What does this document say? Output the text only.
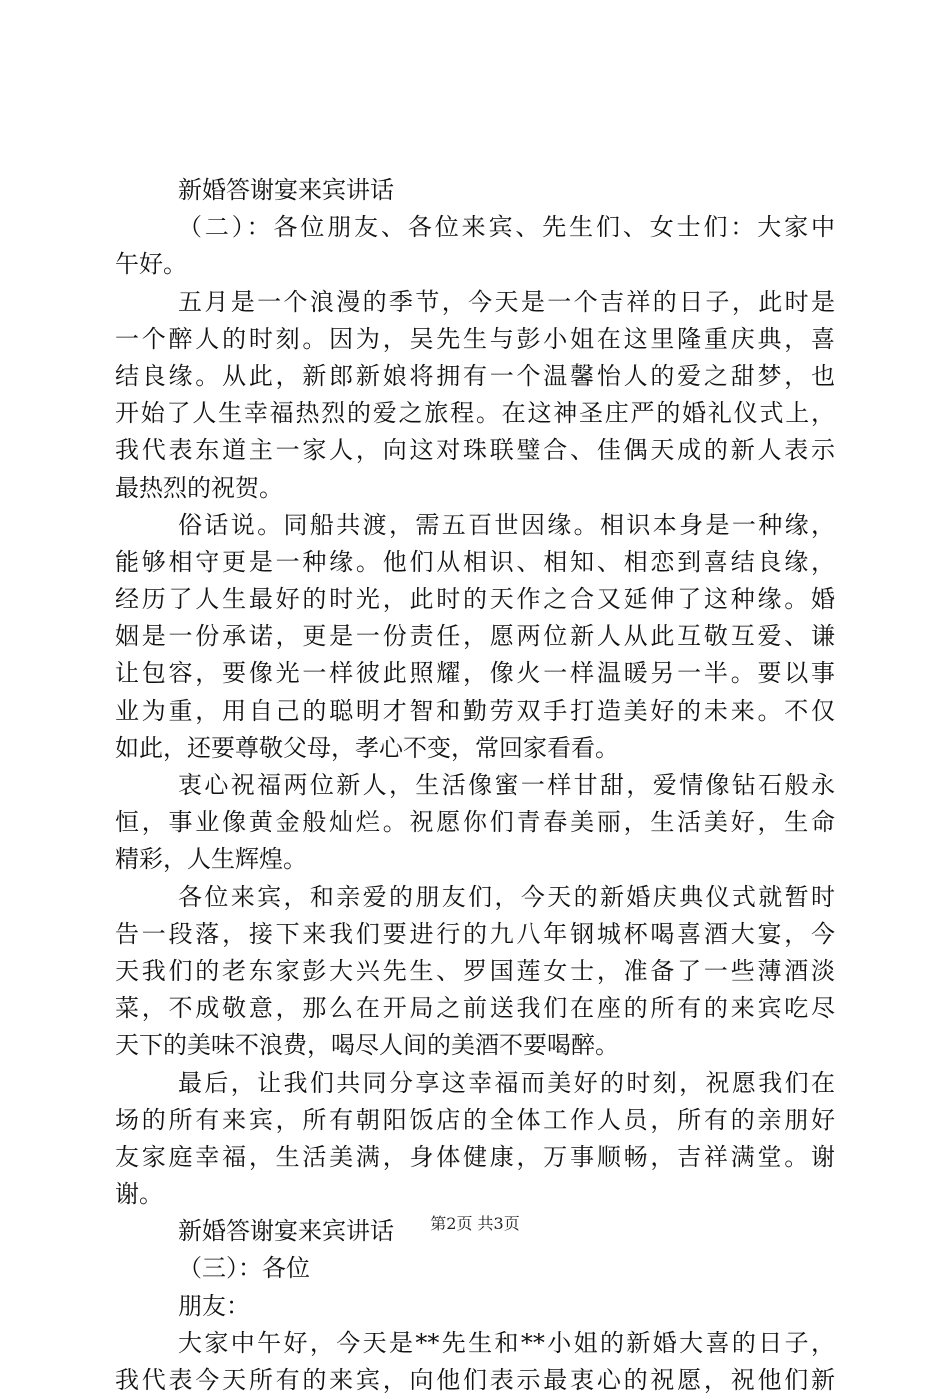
新婚答谢宴来宾讲话
（二）：各位朋友、各位来宾、先生们、女士们：大家中
午好。
五月是一个浪漫的季节，今天是一个吉祥的日子，此时是
一个醉人的时刻。因为，吴先生与彭小姐在这里隆重庆典，喜
结良缘。从此，新郎新娘将拥有一个温馨怡人的爱之甜梦，也
开始了人生幸福热烈的爱之旅程。在这神圣庄严的婚礼仪式上，
我代表东道主一家人，向这对珠联璧合、佳偶天成的新人表示
最热烈的祝贺。
俗话说。同船共渡，需五百世因缘。相识本身是一种缘，
能够相守更是一种缘。他们从相识、相知、相恋到喜结良缘，
经历了人生最好的时光，此时的天作之合又延伸了这种缘。婚
姻是一份承诺，更是一份责任，愿两位新人从此互敬互爱、谦
让包容，要像光一样彼此照耀，像火一样温暖另一半。要以事
业为重，用自己的聪明才智和勤劳双手打造美好的未来。不仅
如此，还要尊敬父母，孝心不变，常回家看看。
衷心祝福两位新人，生活像蜜一样甘甜，爱情像钻石般永
恒，事业像黄金般灿烂。祝愿你们青春美丽，生活美好，生命
精彩，人生辉煌。
各位来宾，和亲爱的朋友们，今天的新婚庆典仪式就暂时
告一段落，接下来我们要进行的九八年钢城杯喝喜酒大宴，今
天我们的老东家彭大兴先生、罗国莲女士，准备了一些薄酒淡
菜，不成敬意，那么在开局之前送我们在座的所有的来宾吃尽
天下的美味不浪费，喝尽人间的美酒不要喝醉。
最后，让我们共同分享这幸福而美好的时刻，祝愿我们在
场的所有来宾，所有朝阳饭店的全体工作人员，所有的亲朋好
友家庭幸福，生活美满，身体健康，万事顺畅，吉祥满堂。谢
谢。
新婚答谢宴来宾讲话
（三）：各位
朋友：
大家中午好，今天是**先生和**小姐的新婚大喜的日子，
我代表今天所有的来宾，向他们表示最衷心的祝愿，祝他们新
第2页 共3页
